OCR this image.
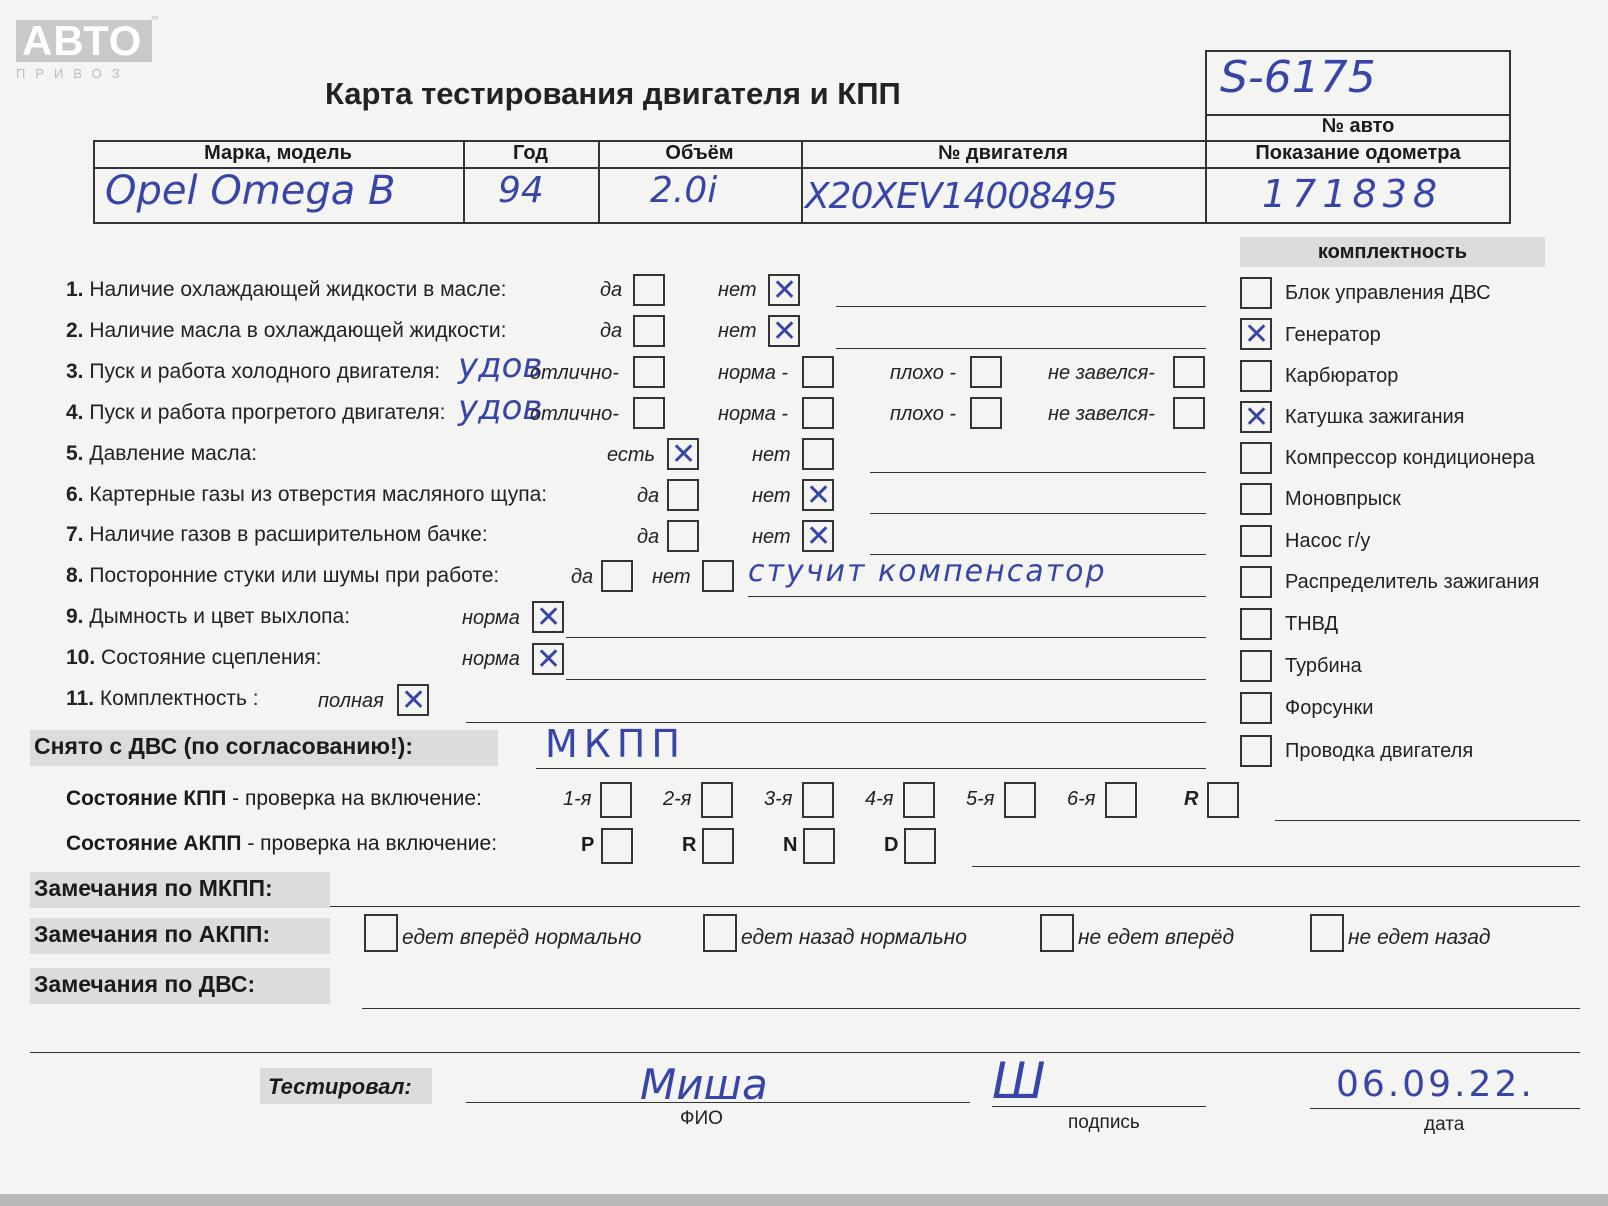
АВТО ™
ПРИВОЗ
Карта тестирования двигателя и КПП	S-6175
№ авто
Марка, модель	Год	Объём	№ двигателя	Показание одометра
Opel Omega B	94	2.0i X20XEV14008495	171838
комплектность
Блок управления ДВС
✕
Генератор
Карбюратор
✕
Катушка зажигания
Компрессор кондиционера
Моновпрыск
Насос г/у
Распределитель зажигания
ТНВД
Турбина
Форсунки
Проводка двигателя
1. Наличие охлаждающей жидкости в масле:	да	нет
✕
2. Наличие масла в охлаждающей жидкости:	да	нет
✕
3. Пуск и работа холодного двигателя: удов
отлично-	норма -	плохо -	не завелся-
4. Пуск и работа прогретого двигателя: удов
отлично-	норма -	плохо -	не завелся-
5. Давление масла:	есть
✕	нет
6. Картерные газы из отверстия масляного щупа:	да	нет
✕
7. Наличие газов в расширительном бачке:	да	нет
✕
8. Посторонние стуки или шумы при работе:	да	нет стучит компенсатор
9. Дымность и цвет выхлопа:	норма
✕
10. Состояние сцепления:	норма
✕
11. Комплектность :	полная
✕
Снято с ДВС (по согласованию!):	МКПП
Состояние КПП - проверка на включение:	1-я	2-я	3-я	4-я	5-я	6-я	R
Состояние АКПП - проверка на включение:	P	R	N	D
Замечания по МКПП:
Замечания по АКПП:	едет вперёд нормально	едет назад нормально	не едет вперёд	не едет назад
Замечания по ДВС:
Тестировал:	Миша
ФИО
Ш
подпись
06.09.22.
дата
